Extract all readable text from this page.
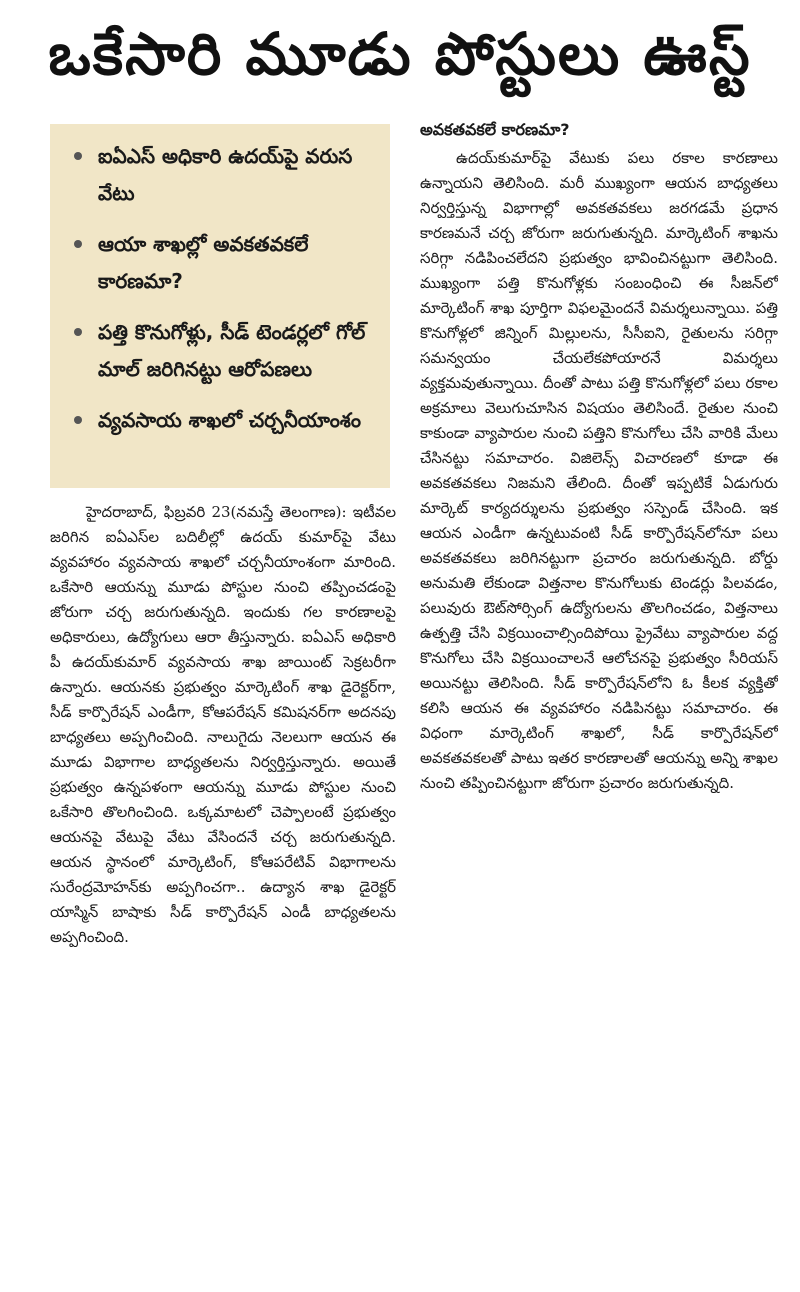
ఒకేసారి మూడు పోస్టులు ఊస్ట్
ఐఏఎస్ అధికారి ఉదయ్‌పై వరుస వేటు
ఆయా శాఖల్లో అవకతవకలే కారణమా?
పత్తి కొనుగోళ్లు, సీడ్ టెండర్లలో గోల్ మాల్ జరిగినట్టు ఆరోపణలు
వ్యవసాయ శాఖలో చర్చనీయాంశం

హైదరాబాద్, ఫిబ్రవరి 23(నమస్తే తెలంగాణ): ఇటీవల జరిగిన ఐఏఎస్‌ల బదిలీల్లో ఉదయ్ కుమార్‌పై వేటు వ్యవహారం వ్యవసాయ శాఖలో చర్చనీయాంశంగా మారింది. ఒకేసారి ఆయన్ను మూడు పోస్టుల నుంచి తప్పించడంపై జోరుగా చర్చ జరుగుతున్నది. ఇందుకు గల కారణాలపై అధికారులు, ఉద్యోగులు ఆరా తీస్తున్నారు. ఐఏఎస్ అధికారి పీ ఉదయ్‌కుమార్ వ్యవసాయ శాఖ జాయింట్ సెక్రటరీగా ఉన్నారు. ఆయనకు ప్రభుత్వం మార్కెటింగ్ శాఖ డైరెక్టర్‌గా, సీడ్ కార్పొరేషన్ ఎండీగా, కోఆపరేషన్ కమిషనర్‌గా అదనపు బాధ్యతలు అప్పగించింది. నాలుగైదు నెలలుగా ఆయన ఈ మూడు విభాగాల బాధ్యతలను నిర్వర్తిస్తున్నారు. అయితే ప్రభుత్వం ఉన్నపళంగా ఆయన్ను మూడు పోస్టుల నుంచి ఒకేసారి తొలగించింది. ఒక్కమాటలో చెప్పాలంటే ప్రభుత్వం ఆయనపై వేటుపై వేటు వేసిందనే చర్చ జరుగుతున్నది. ఆయన స్థానంలో మార్కెటింగ్, కోఆపరేటివ్ విభాగాలను సురేంద్రమోహన్‌కు అప్పగించగా.. ఉద్యాన శాఖ డైరెక్టర్ యాస్మిన్ బాషాకు సీడ్ కార్పొరేషన్ ఎండీ బాధ్యతలను అప్పగించింది.

అవకతవకలే కారణమా?

ఉదయ్‌కుమార్‌పై వేటుకు పలు రకాల కారణాలు ఉన్నాయని తెలిసింది. మరీ ముఖ్యంగా ఆయన బాధ్యతలు నిర్వర్తిస్తున్న విభాగాల్లో అవకతవకలు జరగడమే ప్రధాన కారణమనే చర్చ జోరుగా జరుగుతున్నది. మార్కెటింగ్ శాఖను సరిగ్గా నడిపించలేదని ప్రభుత్వం భావించినట్టుగా తెలిసింది. ముఖ్యంగా పత్తి కొనుగోళ్లకు సంబంధించి ఈ సీజన్‌లో మార్కెటింగ్ శాఖ పూర్తిగా విఫలమైందనే విమర్శలున్నాయి. పత్తి కొనుగోళ్లలో జిన్నింగ్ మిల్లులను, సీసీఐని, రైతులను సరిగ్గా సమన్వయం చేయలేకపోయారనే విమర్శలు వ్యక్తమవుతున్నాయి. దీంతో పాటు పత్తి కొనుగోళ్లలో పలు రకాల అక్రమాలు వెలుగుచూసిన విషయం తెలిసిందే. రైతుల నుంచి కాకుండా వ్యాపారుల నుంచి పత్తిని కొనుగోలు చేసి వారికి మేలు చేసినట్టు సమాచారం. విజిలెన్స్ విచారణలో కూడా ఈ అవకతవకలు నిజమని తేలింది. దీంతో ఇప్పటికే ఏడుగురు మార్కెట్ కార్యదర్శులను ప్రభుత్వం సస్పెండ్ చేసింది. ఇక ఆయన ఎండీగా ఉన్నటువంటి సీడ్ కార్పొరేషన్‌లోనూ పలు అవకతవకలు జరిగినట్టుగా ప్రచారం జరుగుతున్నది. బోర్డు అనుమతి లేకుండా విత్తనాల కొనుగోలుకు టెండర్లు పిలవడం, పలువురు ఔట్‌సోర్సింగ్ ఉద్యోగులను తొలగించడం, విత్తనాలు ఉత్పత్తి చేసి విక్రయించాల్సిందిపోయి ప్రైవేటు వ్యాపారుల వద్ద కొనుగోలు చేసి విక్రయించాలనే ఆలోచనపై ప్రభుత్వం సీరియస్ అయినట్టు తెలిసింది. సీడ్ కార్పొరేషన్‌లోని ఓ కీలక వ్యక్తితో కలిసి ఆయన ఈ వ్యవహారం నడిపినట్టు సమాచారం. ఈ విధంగా మార్కెటింగ్ శాఖలో, సీడ్ కార్పొరేషన్‌లో అవకతవకలతో పాటు ఇతర కారణాలతో ఆయన్ను అన్ని శాఖల నుంచి తప్పించినట్టుగా జోరుగా ప్రచారం జరుగుతున్నది.
